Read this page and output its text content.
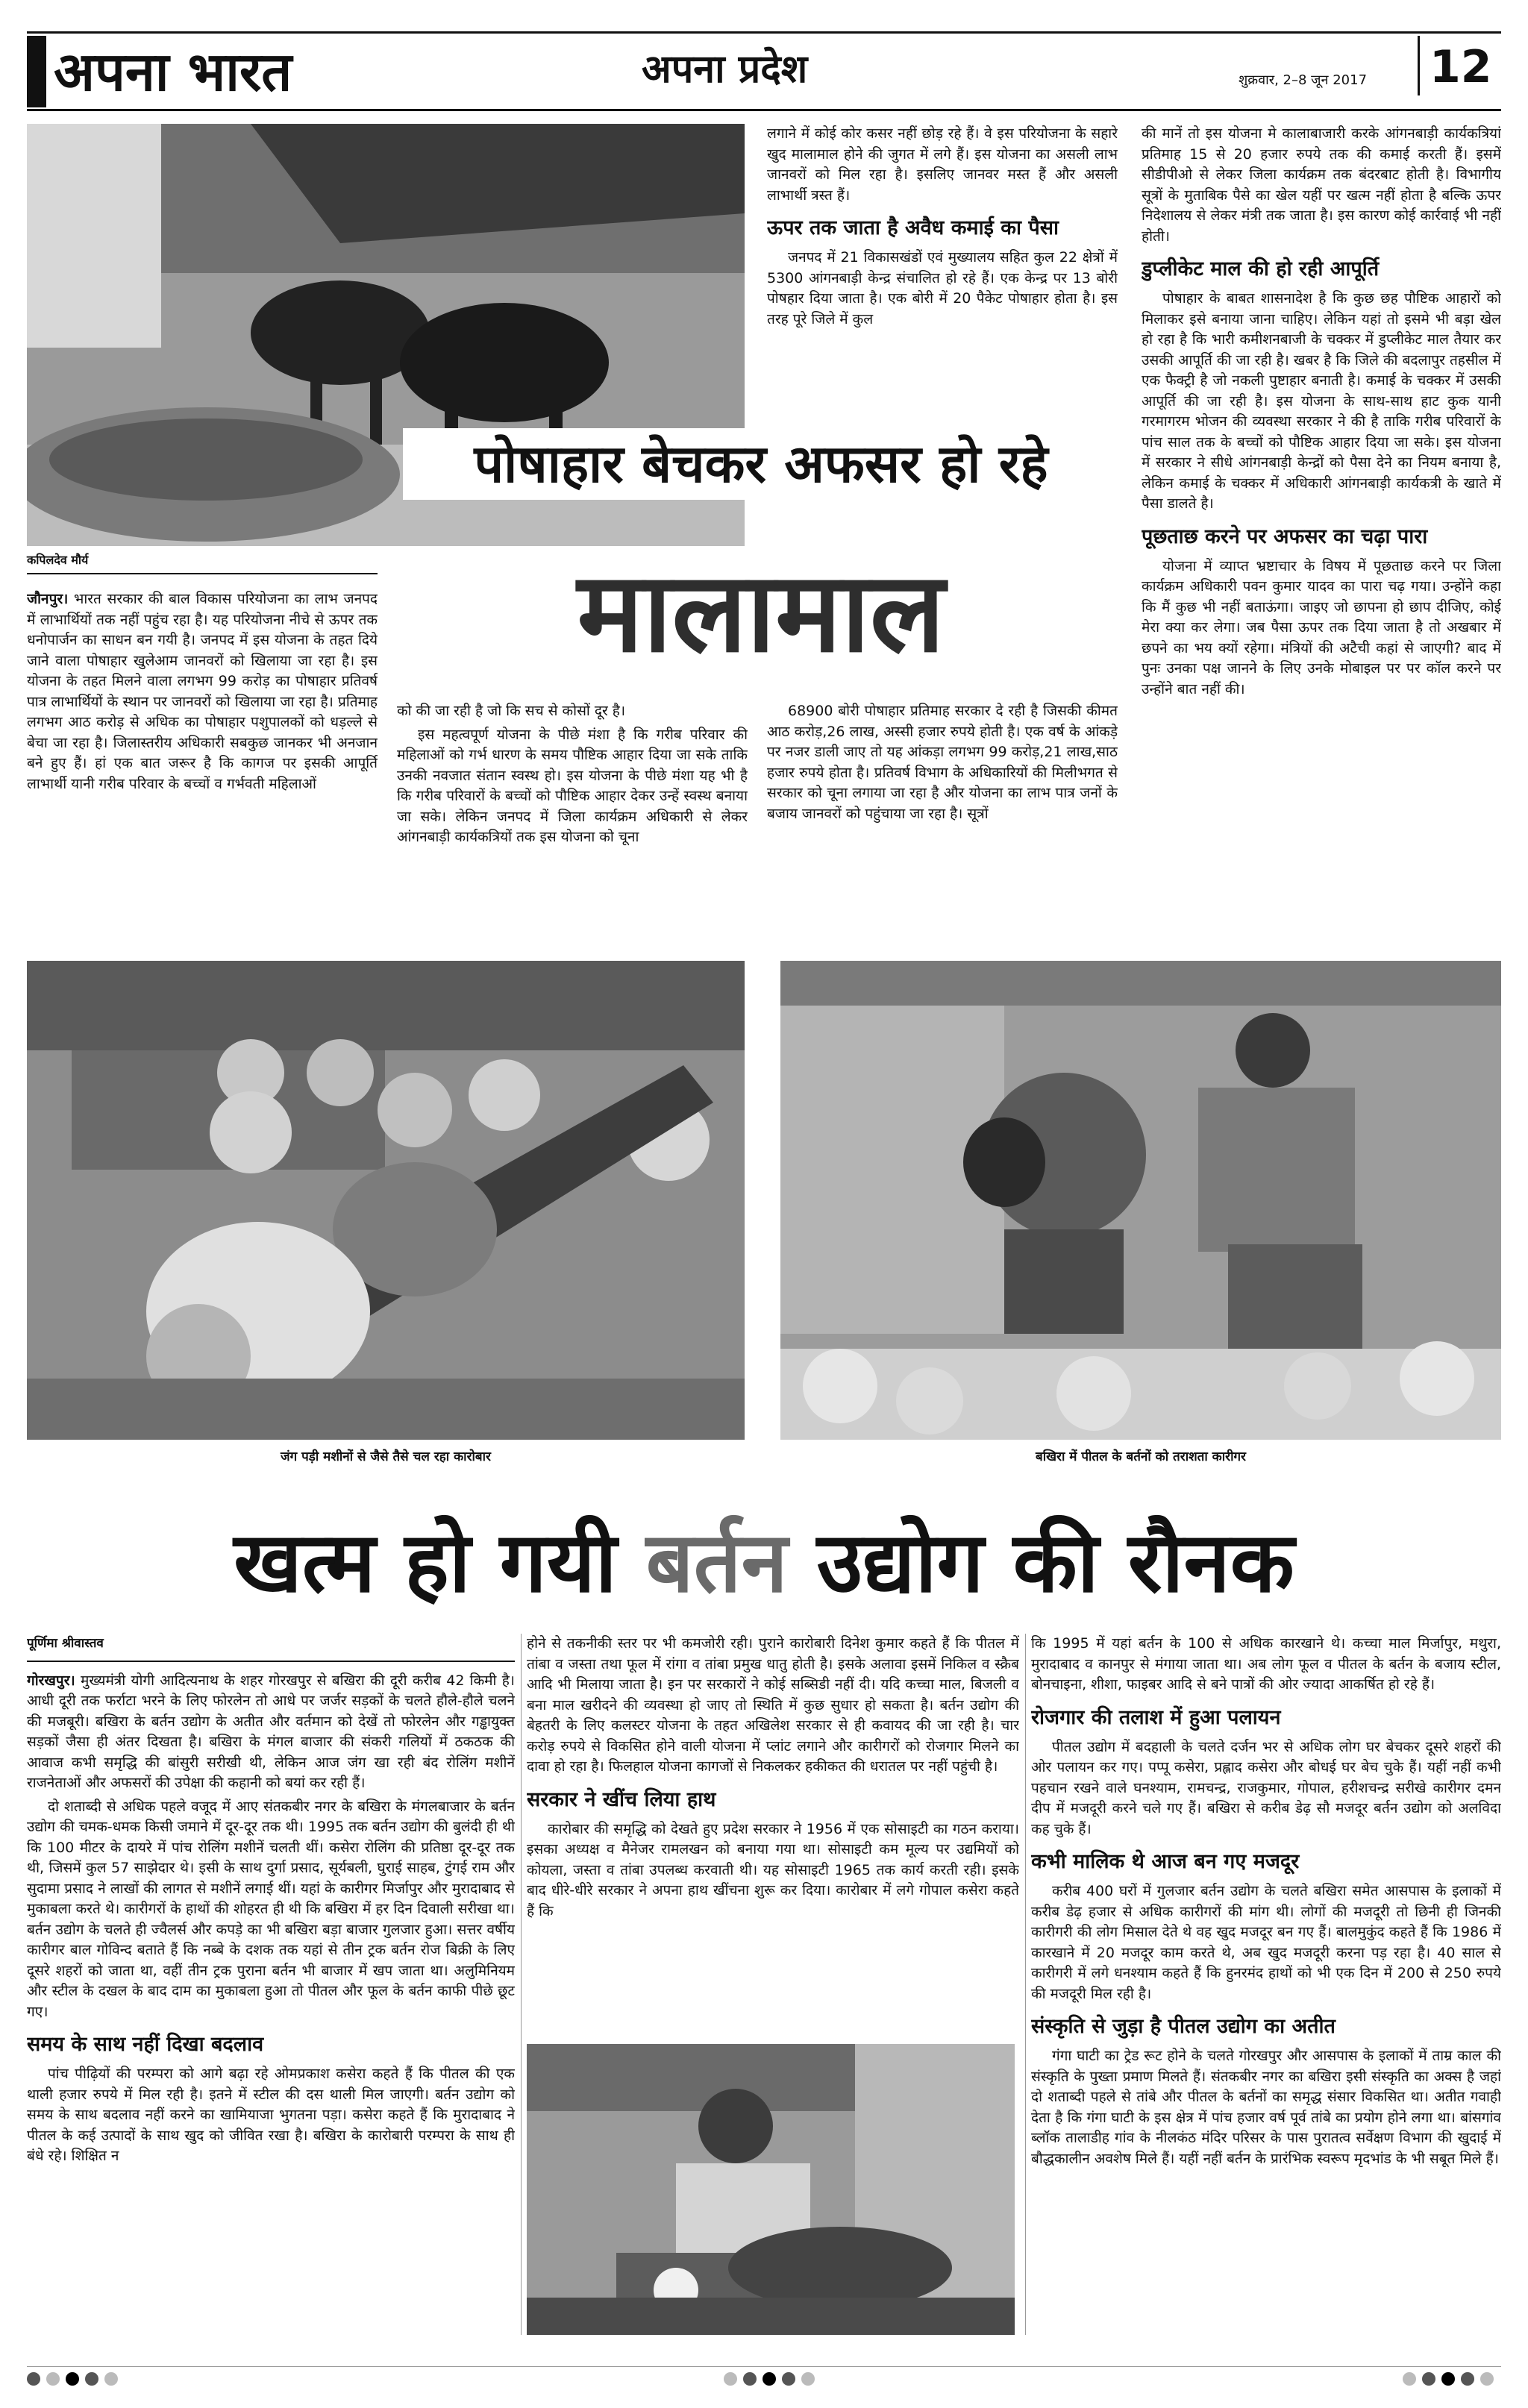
अपना भारत	अपना प्रदेश	शुक्रवार, 2–8 जून 2017 12
कपिलदेव मौर्य
पोषाहार बेचकर अफसर हो रहे
मालामाल

जौनपुर। भारत सरकार की बाल विकास परियोजना का लाभ जनपद में लाभार्थियों तक नहीं पहुंच रहा है। यह परियोजना नीचे से ऊपर तक धनोपार्जन का साधन बन गयी है। जनपद में इस योजना के तहत दिये जाने वाला पोषाहार खुलेआम जानवरों को खिलाया जा रहा है। इस योजना के तहत मिलने वाला लगभग 99 करोड़ का पोषाहार प्रतिवर्ष पात्र लाभार्थियों के स्थान पर जानवरों को खिलाया जा रहा है। प्रतिमाह लगभग आठ करोड़ से अधिक का पोषाहार पशुपालकों को धड़ल्ले से बेचा जा रहा है। जिलास्तरीय अधिकारी सबकुछ जानकर भी अनजान बने हुए हैं। हां एक बात जरूर है कि कागज पर इसकी आपूर्ति लाभार्थी यानी गरीब परिवार के बच्चों व गर्भवती महिलाओं

को की जा रही है जो कि सच से कोसों दूर है।

इस महत्वपूर्ण योजना के पीछे मंशा है कि गरीब परिवार की महिलाओं को गर्भ धारण के समय पौष्टिक आहार दिया जा सके ताकि उनकी नवजात संतान स्वस्थ हो। इस योजना के पीछे मंशा यह भी है कि गरीब परिवारों के बच्चों को पौष्टिक आहार देकर उन्हें स्वस्थ बनाया जा सके। लेकिन जनपद में जिला कार्यक्रम अधिकारी से लेकर आंगनबाड़ी कार्यकत्रियों तक इस योजना को चूना

लगाने में कोई कोर कसर नहीं छोड़ रहे हैं। वे इस परियोजना के सहारे खुद मालामाल होने की जुगत में लगे हैं। इस योजना का असली लाभ जानवरों को मिल रहा है। इसलिए जानवर मस्त हैं और असली लाभार्थी त्रस्त हैं।

ऊपर तक जाता है अवैध कमाई का पैसा

जनपद में 21 विकासखंडों एवं मुख्यालय सहित कुल 22 क्षेत्रों में 5300 आंगनबाड़ी केन्द्र संचालित हो रहे हैं। एक केन्द्र पर 13 बोरी पोषहार दिया जाता है। एक बोरी में 20 पैकेट पोषाहार होता है। इस तरह पूरे जिले में कुल

68900 बोरी पोषाहार प्रतिमाह सरकार दे रही है जिसकी कीमत आठ करोड़,26 लाख, अस्सी हजार रुपये होती है। एक वर्ष के आंकड़े पर नजर डाली जाए तो यह आंकड़ा लगभग 99 करोड़,21 लाख,साठ हजार रुपये होता है। प्रतिवर्ष विभाग के अधिकारियों की मिलीभगत से सरकार को चूना लगाया जा रहा है और योजना का लाभ पात्र जनों के बजाय जानवरों को पहुंचाया जा रहा है। सूत्रों

की मानें तो इस योजना मे कालाबाजारी करके आंगनबाड़ी कार्यकत्रियां प्रतिमाह 15 से 20 हजार रुपये तक की कमाई करती हैं। इसमें सीडीपीओ से लेकर जिला कार्यक्रम तक बंदरबाट होती है। विभागीय सूत्रों के मुताबिक पैसे का खेल यहीं पर खत्म नहीं होता है बल्कि ऊपर निदेशालय से लेकर मंत्री तक जाता है। इस कारण कोई कार्रवाई भी नहीं होती।

डुप्लीकेट माल की हो रही आपूर्ति

पोषाहार के बाबत शासनादेश है कि कुछ छह पौष्टिक आहारों को मिलाकर इसे बनाया जाना चाहिए। लेकिन यहां तो इसमे भी बड़ा खेल हो रहा है कि भारी कमीशनबाजी के चक्कर में डुप्लीकेट माल तैयार कर उसकी आपूर्ति की जा रही है। खबर है कि जिले की बदलापुर तहसील में एक फैक्ट्री है जो नकली पुष्टाहार बनाती है। कमाई के चक्कर में उसकी आपूर्ति की जा रही है। इस योजना के साथ-साथ हाट कुक यानी गरमागरम भोजन की व्यवस्था सरकार ने की है ताकि गरीब परिवारों के पांच साल तक के बच्चों को पौष्टिक आहार दिया जा सके। इस योजना में सरकार ने सीधे आंगनबाड़ी केन्द्रों को पैसा देने का नियम बनाया है, लेकिन कमाई के चक्कर में अधिकारी आंगनबाड़ी कार्यकत्री के खाते में पैसा डालते है।

पूछताछ करने पर अफसर का चढ़ा पारा

योजना में व्याप्त भ्रष्टाचार के विषय में पूछताछ करने पर जिला कार्यक्रम अधिकारी पवन कुमार यादव का पारा चढ़ गया। उन्होंने कहा कि मैं कुछ भी नहीं बताऊंगा। जाइए जो छापना हो छाप दीजिए, कोई मेरा क्या कर लेगा। जब पैसा ऊपर तक दिया जाता है तो अखबार में छपने का भय क्यों रहेगा। मंत्रियों की अटैची कहां से जाएगी? बाद में पुनः उनका पक्ष जानने के लिए उनके मोबाइल पर पर कॉल करने पर उन्होंने बात नहीं की।

जंग पड़ी मशीनों से जैसे तैसे चल रहा कारोबार	बखिरा में पीतल के बर्तनों को तराशता कारीगर
खत्म हो गयी बर्तन उद्योग की रौनक
पूर्णिमा श्रीवास्तव

गोरखपुर। मुख्यमंत्री योगी आदित्यनाथ के शहर गोरखपुर से बखिरा की दूरी करीब 42 किमी है। आधी दूरी तक फर्राटा भरने के लिए फोरलेन तो आधे पर जर्जर सड़कों के चलते हौले-हौले चलने की मजबूरी। बखिरा के बर्तन उद्योग के अतीत और वर्तमान को देखें तो फोरलेन और गड्ढायुक्त सड़कों जैसा ही अंतर दिखता है। बखिरा के मंगल बाजार की संकरी गलियों में ठकठक की आवाज कभी समृद्धि की बांसुरी सरीखी थी, लेकिन आज जंग खा रही बंद रोलिंग मशीनें राजनेताओं और अफसरों की उपेक्षा की कहानी को बयां कर रही हैं।

दो शताब्दी से अधिक पहले वजूद में आए संतकबीर नगर के बखिरा के मंगलबाजार के बर्तन उद्योग की चमक-धमक किसी जमाने में दूर-दूर तक थी। 1995 तक बर्तन उद्योग की बुलंदी ही थी कि 100 मीटर के दायरे में पांच रोलिंग मशीनें चलती थीं। कसेरा रोलिंग की प्रतिष्ठा दूर-दूर तक थी, जिसमें कुल 57 साझेदार थे। इसी के साथ दुर्गा प्रसाद, सूर्यबली, घुराई साहब, टुंगई राम और सुदामा प्रसाद ने लाखों की लागत से मशीनें लगाई थीं। यहां के कारीगर मिर्जापुर और मुरादाबाद से मुकाबला करते थे। कारीगरों के हाथों की शोहरत ही थी कि बखिरा में हर दिन दिवाली सरीखा था। बर्तन उद्योग के चलते ही ज्वैलर्स और कपड़े का भी बखिरा बड़ा बाजार गुलजार हुआ। सत्तर वर्षीय कारीगर बाल गोविन्द बताते हैं कि नब्बे के दशक तक यहां से तीन ट्रक बर्तन रोज बिक्री के लिए दूसरे शहरों को जाता था, वहीं तीन ट्रक पुराना बर्तन भी बाजार में खप जाता था। अलुमिनियम और स्टील के दखल के बाद दाम का मुकाबला हुआ तो पीतल और फूल के बर्तन काफी पीछे छूट गए।

समय के साथ नहीं दिखा बदलाव

पांच पीढ़ियों की परम्परा को आगे बढ़ा रहे ओमप्रकाश कसेरा कहते हैं कि पीतल की एक थाली हजार रुपये में मिल रही है। इतने में स्टील की दस थाली मिल जाएगी। बर्तन उद्योग को समय के साथ बदलाव नहीं करने का खामियाजा भुगतना पड़ा। कसेरा कहते हैं कि मुरादाबाद ने पीतल के कई उत्पादों के साथ खुद को जीवित रखा है। बखिरा के कारोबारी परम्परा के साथ ही बंधे रहे। शिक्षित न

होने से तकनीकी स्तर पर भी कमजोरी रही। पुराने कारोबारी दिनेश कुमार कहते हैं कि पीतल में तांबा व जस्ता तथा फूल में रांगा व तांबा प्रमुख धातु होती है। इसके अलावा इसमें निकिल व स्क्रैब आदि भी मिलाया जाता है। इन पर सरकारों ने कोई सब्सिडी नहीं दी। यदि कच्चा माल, बिजली व बना माल खरीदने की व्यवस्था हो जाए तो स्थिति में कुछ सुधार हो सकता है। बर्तन उद्योग की बेहतरी के लिए कलस्टर योजना के तहत अखिलेश सरकार से ही कवायद की जा रही है। चार करोड़ रुपये से विकसित होने वाली योजना में प्लांट लगाने और कारीगरों को रोजगार मिलने का दावा हो रहा है। फिलहाल योजना कागजों से निकलकर हकीकत की धरातल पर नहीं पहुंची है।

सरकार ने खींच लिया हाथ

कारोबार की समृद्धि को देखते हुए प्रदेश सरकार ने 1956 में एक सोसाइटी का गठन कराया। इसका अध्यक्ष व मैनेजर रामलखन को बनाया गया था। सोसाइटी कम मूल्य पर उद्यमियों को कोयला, जस्ता व तांबा उपलब्ध करवाती थी। यह सोसाइटी 1965 तक कार्य करती रही। इसके बाद धीरे-धीरे सरकार ने अपना हाथ खींचना शुरू कर दिया। कारोबार में लगे गोपाल कसेरा कहते हैं कि

कि 1995 में यहां बर्तन के 100 से अधिक कारखाने थे। कच्चा माल मिर्जापुर, मथुरा, मुरादाबाद व कानपुर से मंगाया जाता था। अब लोग फूल व पीतल के बर्तन के बजाय स्टील, बोनचाइना, शीशा, फाइबर आदि से बने पात्रों की ओर ज्यादा आकर्षित हो रहे हैं।

रोजगार की तलाश में हुआ पलायन

पीतल उद्योग में बदहाली के चलते दर्जन भर से अधिक लोग घर बेचकर दूसरे शहरों की ओर पलायन कर गए। पप्पू कसेरा, प्रह्लाद कसेरा और बोधई घर बेच चुके हैं। यहीं नहीं कभी पहचान रखने वाले घनश्याम, रामचन्द्र, राजकुमार, गोपाल, हरीशचन्द्र सरीखे कारीगर दमन दीप में मजदूरी करने चले गए हैं। बखिरा से करीब डेढ़ सौ मजदूर बर्तन उद्योग को अलविदा कह चुके हैं।

कभी मालिक थे आज बन गए मजदूर

करीब 400 घरों में गुलजार बर्तन उद्योग के चलते बखिरा समेत आसपास के इलाकों में करीब डेढ़ हजार से अधिक कारीगरों की मांग थी। लोगों की मजदूरी तो छिनी ही जिनकी कारीगरी की लोग मिसाल देते थे वह खुद मजदूर बन गए हैं। बालमुकुंद कहते हैं कि 1986 में कारखाने में 20 मजदूर काम करते थे, अब खुद मजदूरी करना पड़ रहा है। 40 साल से कारीगरी में लगे धनश्याम कहते हैं कि हुनरमंद हाथों को भी एक दिन में 200 से 250 रुपये की मजदूरी मिल रही है।

संस्कृति से जुड़ा है पीतल उद्योग का अतीत

गंगा घाटी का ट्रेड रूट होने के चलते गोरखपुर और आसपास के इलाकों में ताम्र काल की संस्कृति के पुख्ता प्रमाण मिलते हैं। संतकबीर नगर का बखिरा इसी संस्कृति का अक्स है जहां दो शताब्दी पहले से तांबे और पीतल के बर्तनों का समृद्ध संसार विकसित था। अतीत गवाही देता है कि गंगा घाटी के इस क्षेत्र में पांच हजार वर्ष पूर्व तांबे का प्रयोग होने लगा था। बांसगांव ब्लॉक तालाडीह गांव के नीलकंठ मंदिर परिसर के पास पुरातत्व सर्वेक्षण विभाग की खुदाई में बौद्धकालीन अवशेष मिले हैं। यहीं नहीं बर्तन के प्रारंभिक स्वरूप मृदभांड के भी सबूत मिले हैं।
